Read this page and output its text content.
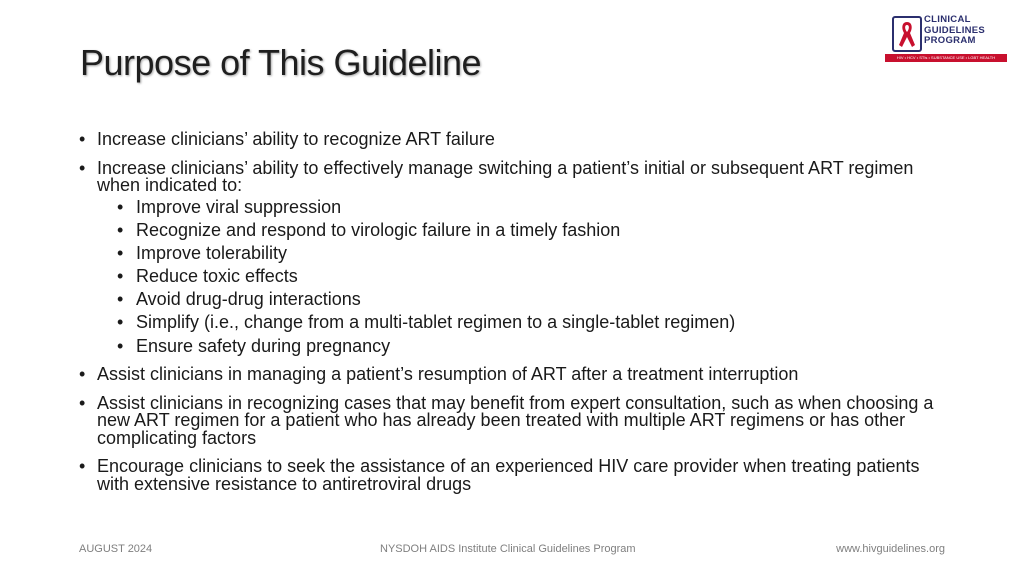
Purpose of This Guideline
CLINICAL
GUIDELINES
PROGRAM
HIV • HCV • STIs • SUBSTANCE USE • LGBT HEALTH
• Increase clinicians’ ability to recognize ART failure
• Increase clinicians’ ability to effectively manage switching a patient’s initial or subsequent ART regimen when indicated to:
• Improve viral suppression
• Recognize and respond to virologic failure in a timely fashion
• Improve tolerability
• Reduce toxic effects
• Avoid drug-drug interactions
• Simplify (i.e., change from a multi-tablet regimen to a single-tablet regimen)
• Ensure safety during pregnancy
• Assist clinicians in managing a patient’s resumption of ART after a treatment interruption
• Assist clinicians in recognizing cases that may benefit from expert consultation, such as when choosing a new ART regimen for a patient who has already been treated with multiple ART regimens or has other complicating factors
• Encourage clinicians to seek the assistance of an experienced HIV care provider when treating patients with extensive resistance to antiretroviral drugs
AUGUST 2024	NYSDOH AIDS Institute Clinical Guidelines Program	www.hivguidelines.org
